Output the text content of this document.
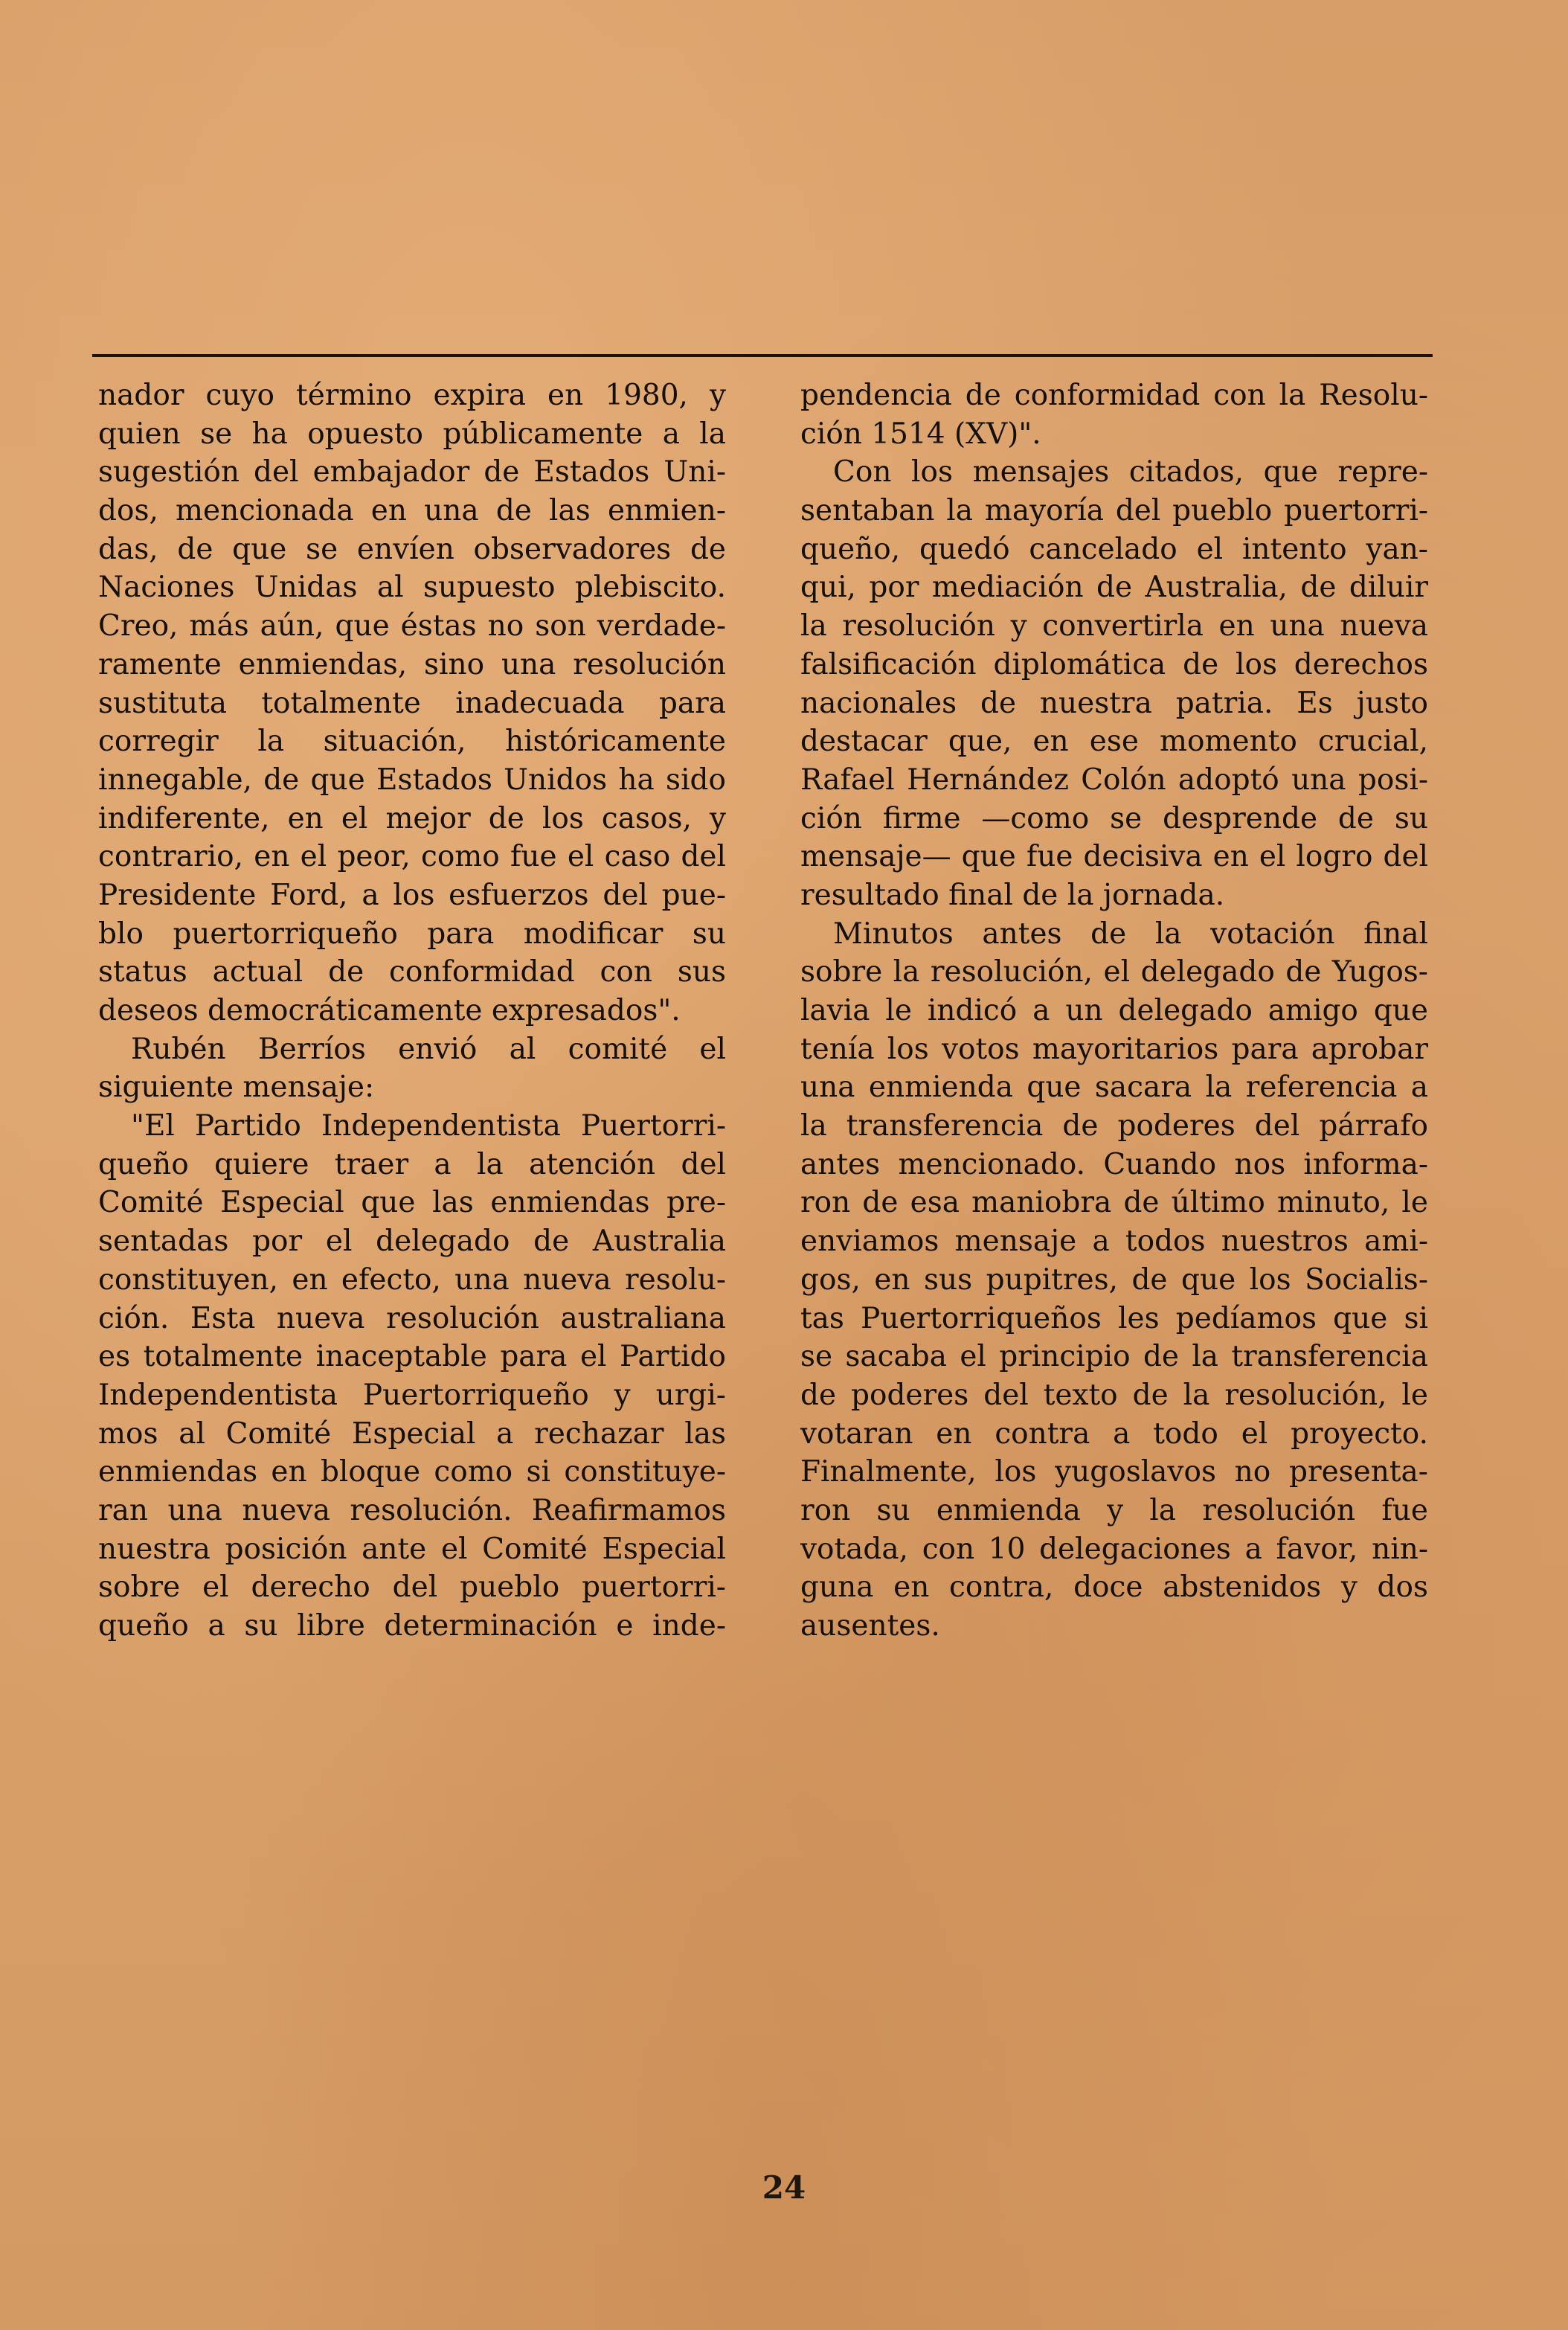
nador cuyo término expira en 1980, y
quien se ha opuesto públicamente a la
sugestión del embajador de Estados Uni-
dos, mencionada en una de las enmien-
das, de que se envíen observadores de
Naciones Unidas al supuesto plebiscito.
Creo, más aún, que éstas no son verdade-
ramente enmiendas, sino una resolución
sustituta totalmente inadecuada para
corregir la situación, históricamente
innegable, de que Estados Unidos ha sido
indiferente, en el mejor de los casos, y
contrario, en el peor, como fue el caso del
Presidente Ford, a los esfuerzos del pue-
blo puertorriqueño para modificar su
status actual de conformidad con sus
deseos democráticamente expresados".
Rubén Berríos envió al comité el
siguiente mensaje:
"El Partido Independentista Puertorri-
queño quiere traer a la atención del
Comité Especial que las enmiendas pre-
sentadas por el delegado de Australia
constituyen, en efecto, una nueva resolu-
ción. Esta nueva resolución australiana
es totalmente inaceptable para el Partido
Independentista Puertorriqueño y urgi-
mos al Comité Especial a rechazar las
enmiendas en bloque como si constituye-
ran una nueva resolución. Reafirmamos
nuestra posición ante el Comité Especial
sobre el derecho del pueblo puertorri-
queño a su libre determinación e inde-
pendencia de conformidad con la Resolu-
ción 1514 (XV)".
Con los mensajes citados, que repre-
sentaban la mayoría del pueblo puertorri-
queño, quedó cancelado el intento yan-
qui, por mediación de Australia, de diluir
la resolución y convertirla en una nueva
falsificación diplomática de los derechos
nacionales de nuestra patria. Es justo
destacar que, en ese momento crucial,
Rafael Hernández Colón adoptó una posi-
ción firme —como se desprende de su
mensaje— que fue decisiva en el logro del
resultado final de la jornada.
Minutos antes de la votación final
sobre la resolución, el delegado de Yugos-
lavia le indicó a un delegado amigo que
tenía los votos mayoritarios para aprobar
una enmienda que sacara la referencia a
la transferencia de poderes del párrafo
antes mencionado. Cuando nos informa-
ron de esa maniobra de último minuto, le
enviamos mensaje a todos nuestros ami-
gos, en sus pupitres, de que los Socialis-
tas Puertorriqueños les pedíamos que si
se sacaba el principio de la transferencia
de poderes del texto de la resolución, le
votaran en contra a todo el proyecto.
Finalmente, los yugoslavos no presenta-
ron su enmienda y la resolución fue
votada, con 10 delegaciones a favor, nin-
guna en contra, doce abstenidos y dos
ausentes.
24
